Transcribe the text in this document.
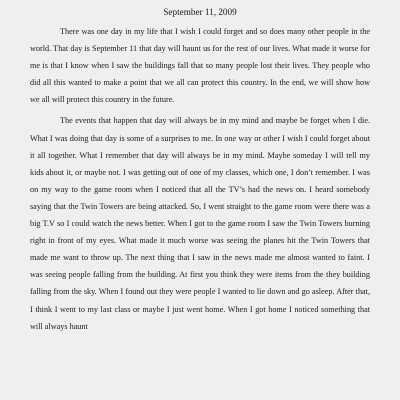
September 11, 2009

There was one day in my life that I wish I could forget and so does many other people in the world. That day is September 11 that day will haunt us for the rest of our lives. What made it worse for me is that I know when I saw the buildings fall that so many people lost their lives. They people who did all this wanted to make a point that we all can protect this country. In the end, we will show how we all will protect this country in the future.

The events that happen that day will always be in my mind and maybe be forget when I die. What I was doing that day is some of a surprises to me. In one way or other I wish I could forget about it all together. What I remember that day will always be in my mind. Maybe someday I will tell my kids about it, or maybe not. I was getting out of one of my classes, which one, I don’t remember. I was on my way to the game room when I noticed that all the TV’s had the news on. I heard somebody saying that the Twin Towers are being attacked. So, I went straight to the game room were there was a big T.V so I could watch the news better. When I got to the game room I saw the Twin Towers burning right in front of my eyes. What made it much worse was seeing the planes hit the Twin Towers that made me want to throw up. The next thing that I saw in the news made me almost wanted to faint. I was seeing people falling from the building. At first you think they were items from the they building falling from the sky. When I found out they were people I wanted to lie down and go asleep. After that, I think I went to my last class or maybe I just went home. When I got home I noticed something that will always haunt
